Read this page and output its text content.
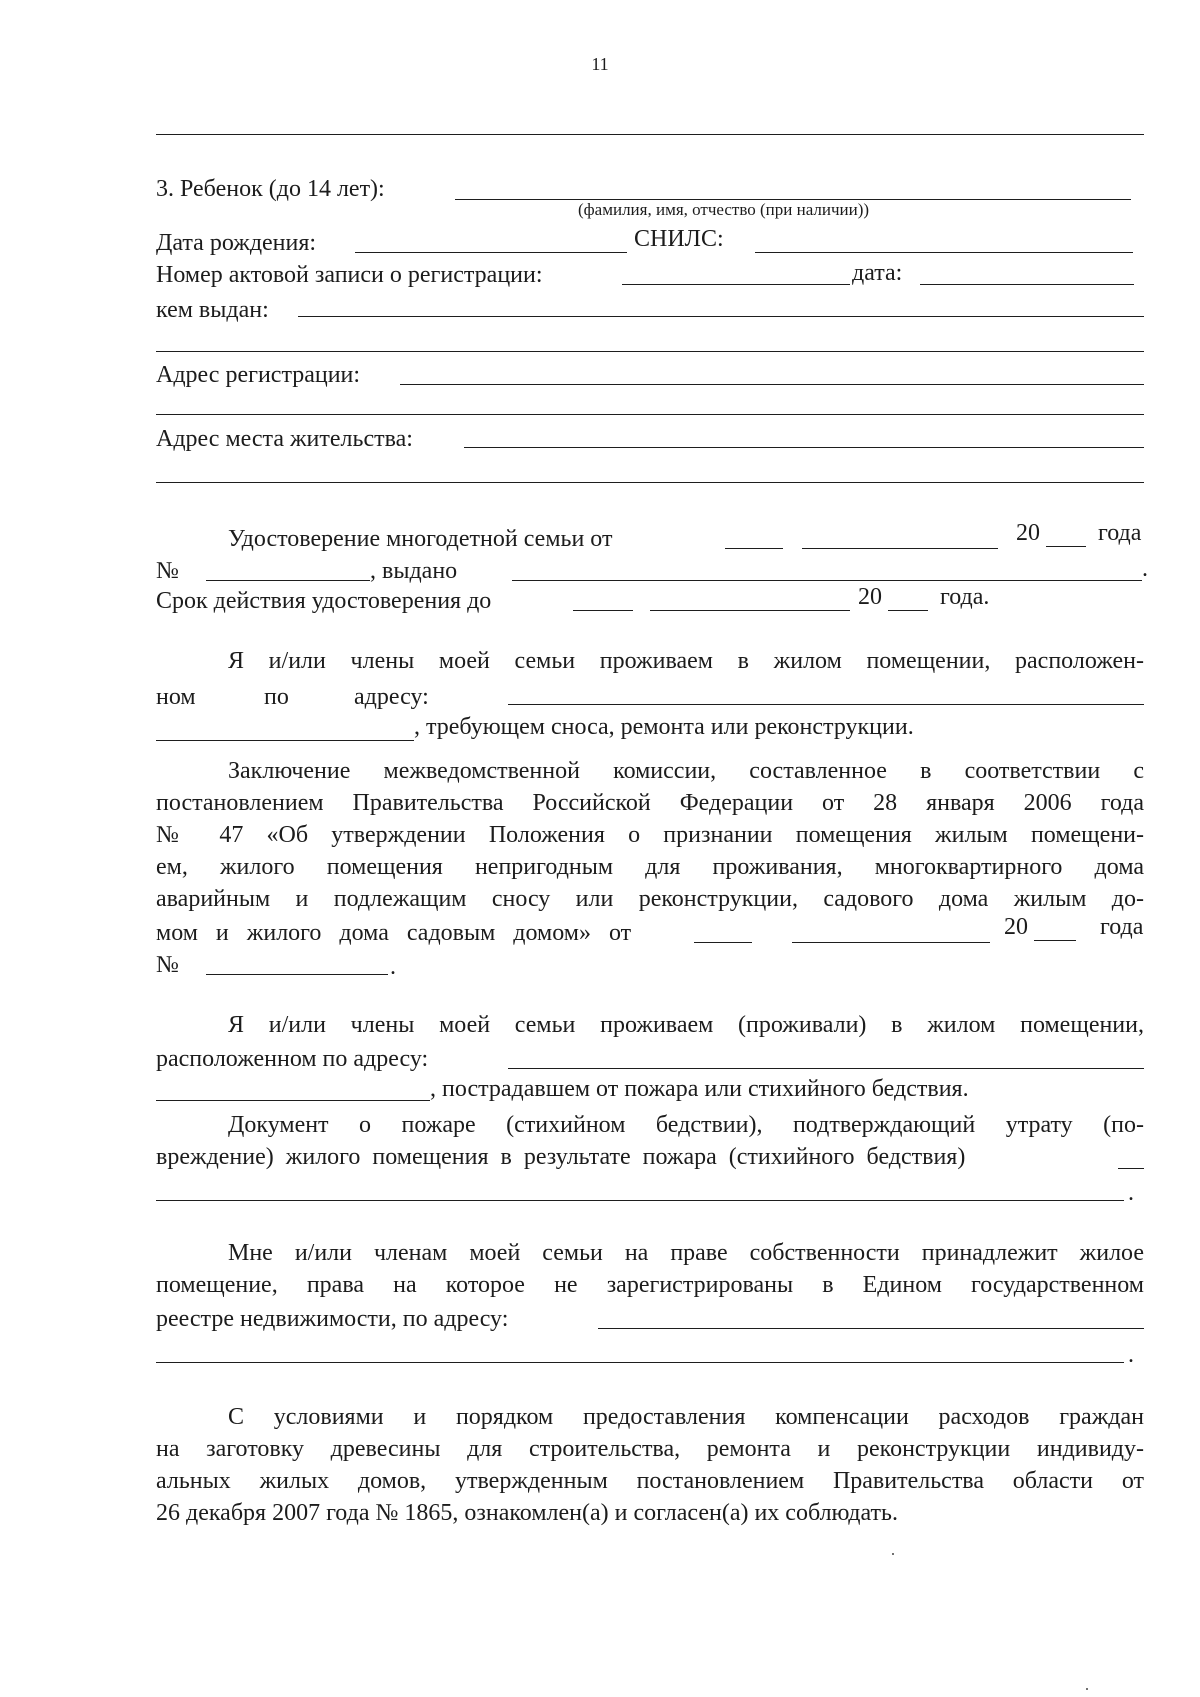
11
3. Ребенок (до 14 лет):
(фамилия, имя, отчество (при наличии))
Дата рождения:	СНИЛС:
Номер актовой записи о регистрации:	дата:
кем выдан:
Адрес регистрации:
Адрес места жительства:
Удостоверение многодетной семьи от	20 года
№	, выдано	.
Срок действия удостоверения до	20 года.
Я и/или члены моей семьи проживаем в жилом помещении, расположен-
ном	по	адресу:
, требующем сноса, ремонта или реконструкции.
Заключение межведомственной комиссии, составленное в соответствии с
постановлением Правительства Российской Федерации от 28 января 2006 года
№ 47 «Об утверждении Положения о признании помещения жилым помещени-
ем, жилого помещения непригодным для проживания, многоквартирного дома
аварийным и подлежащим сносу или реконструкции, садового дома жилым до-
мом и жилого дома садовым домом» от	20	года
№	.
Я и/или члены моей семьи проживаем (проживали) в жилом помещении,
расположенном по адресу:
, пострадавшем от пожара или стихийного бедствия.
Документ о пожаре (стихийном бедствии), подтверждающий утрату (по-
вреждение) жилого помещения в результате пожара (стихийного бедствия)
.
Мне и/или членам моей семьи на праве собственности принадлежит жилое
помещение, права на которое не зарегистрированы в Едином государственном
реестре недвижимости, по адресу:
.
С условиями и порядком предоставления компенсации расходов граждан
на заготовку древесины для строительства, ремонта и реконструкции индивиду-
альных жилых домов, утвержденным постановлением Правительства области от
26 декабря 2007 года № 1865, ознакомлен(а) и согласен(а) их соблюдать.
